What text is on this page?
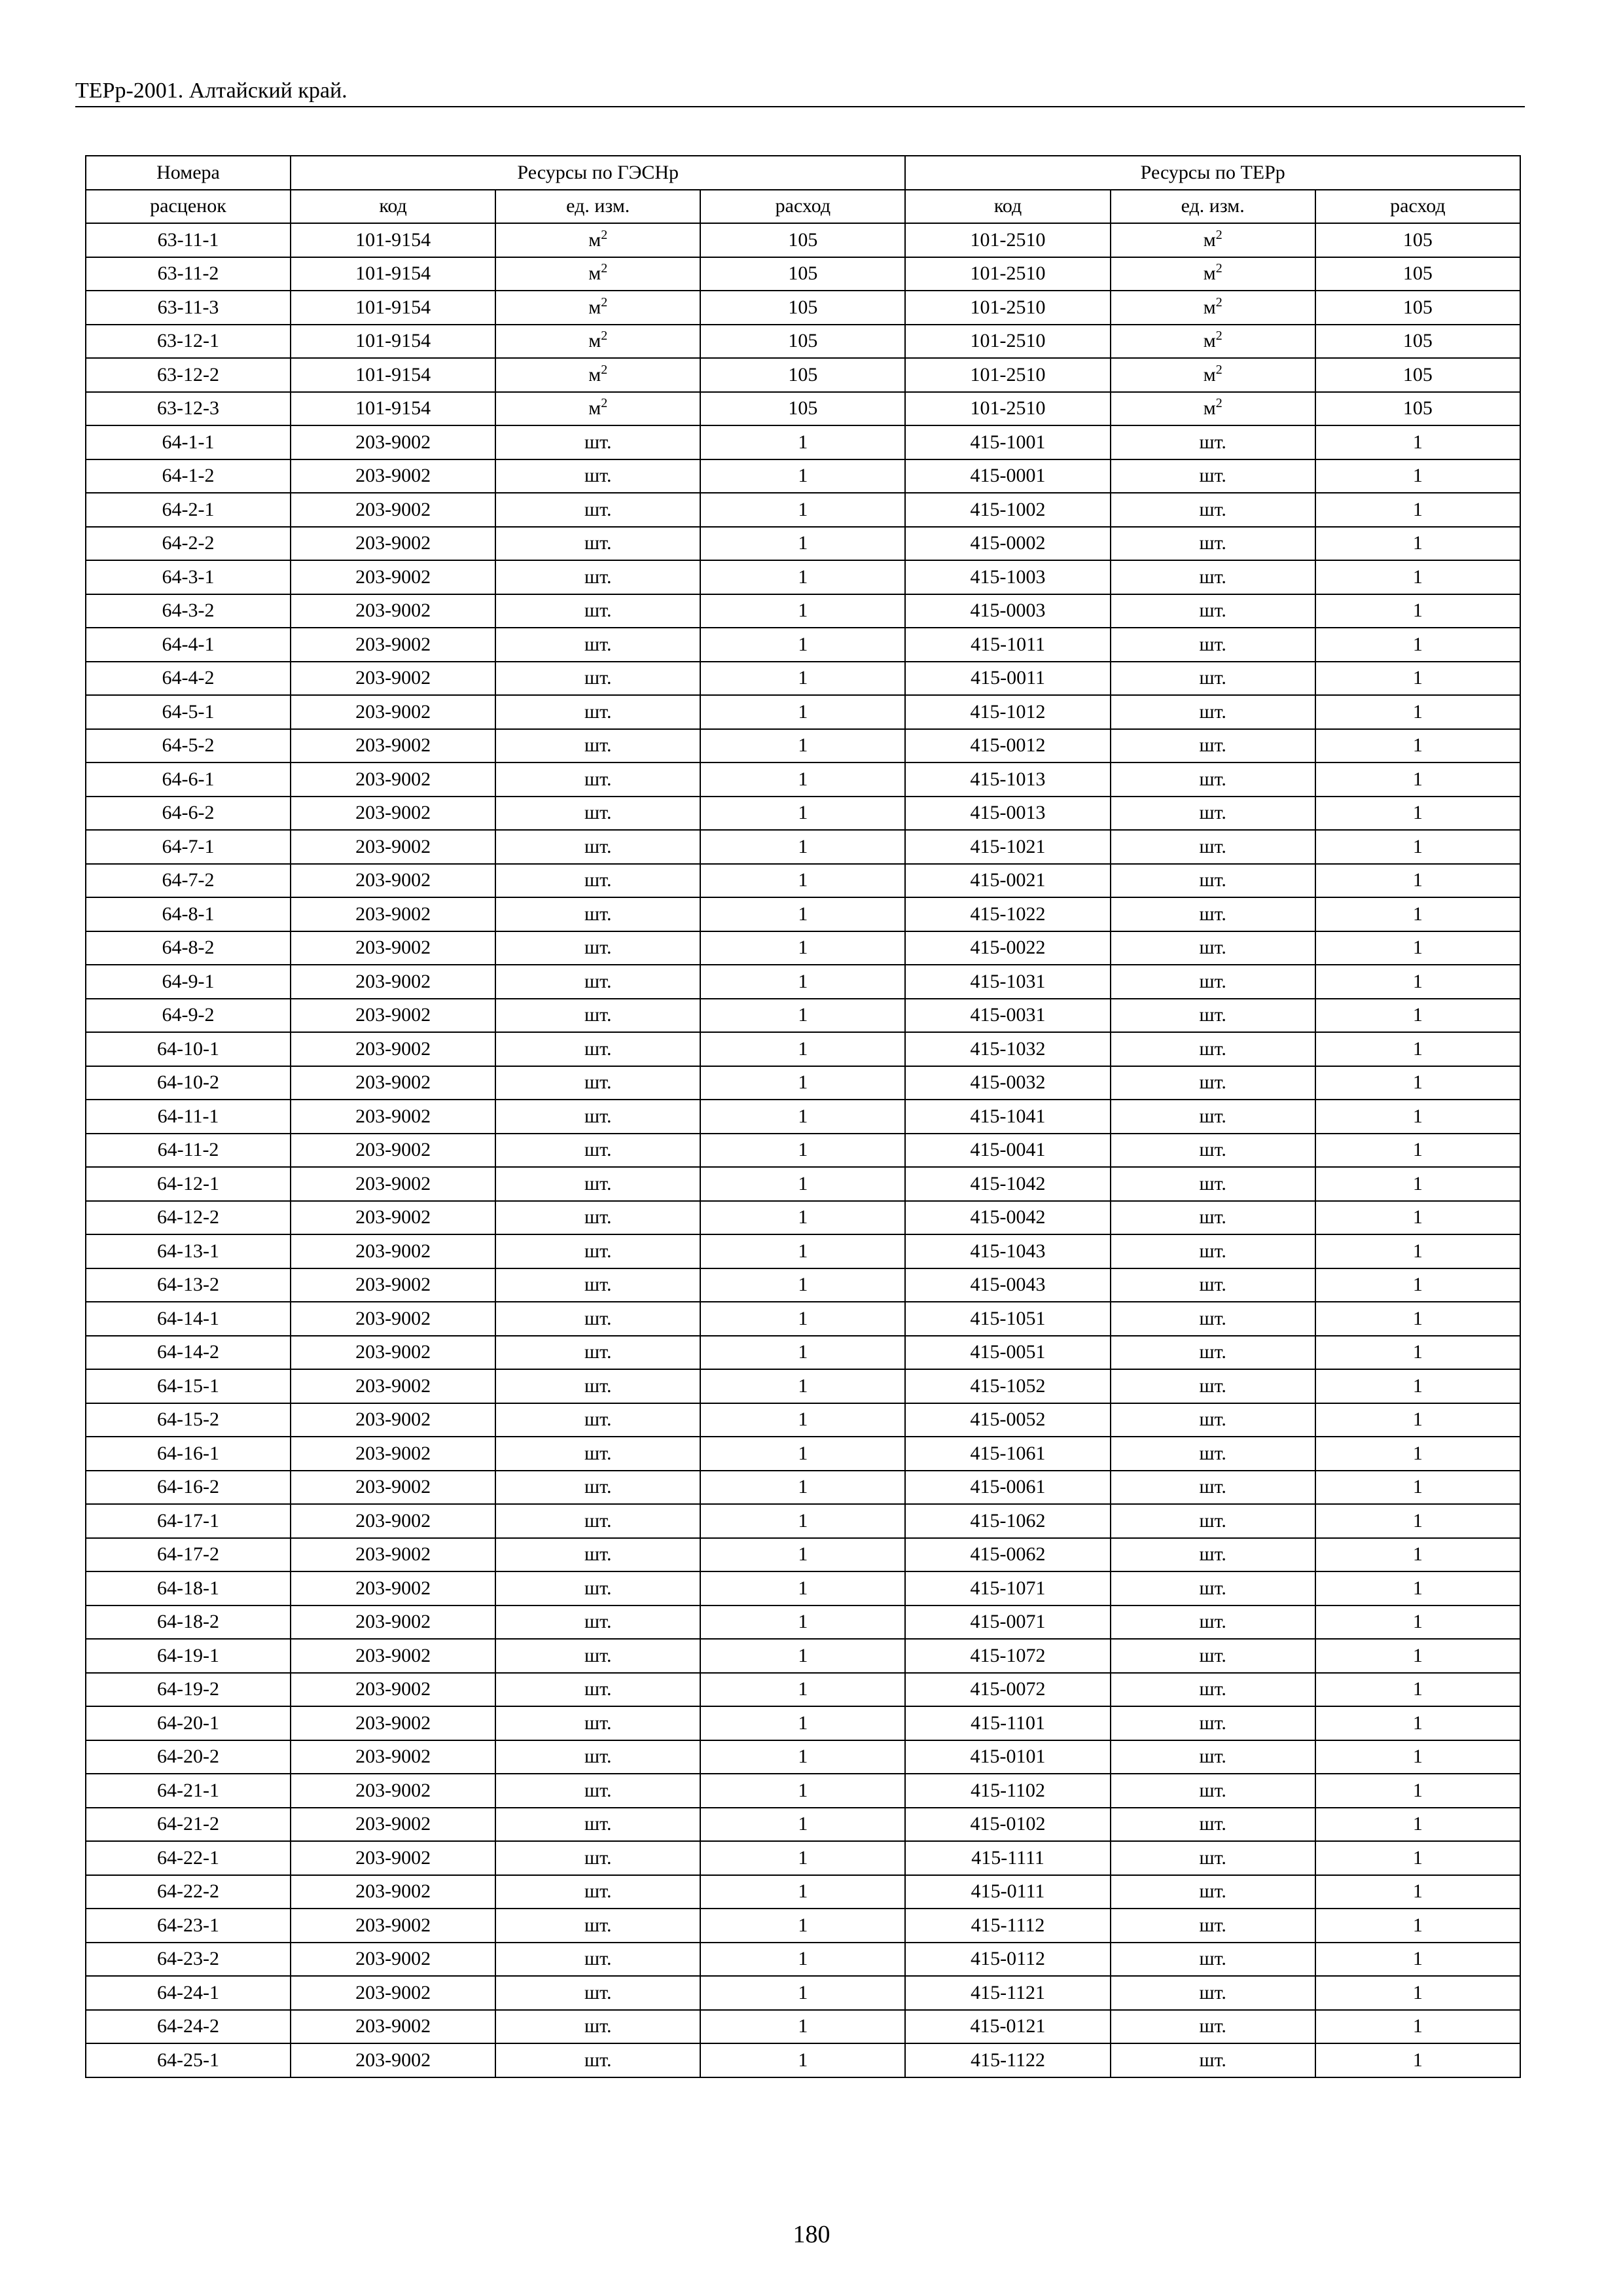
ТЕРр-2001. Алтайский край.
Номера	Ресурсы по ГЭСНр			Ресурсы по ТЕРр		
расценок	код	ед. изм.	расход	код	ед. изм.	расход
63-11-1	101-9154	$м^2$	105	101-2510	$м^2$	105
63-11-2	101-9154	$м^2$	105	101-2510	$м^2$	105
63-11-3	101-9154	$м^2$	105	101-2510	$м^2$	105
63-12-1	101-9154	$м^2$	105	101-2510	$м^2$	105
63-12-2	101-9154	$м^2$	105	101-2510	$м^2$	105
63-12-3	101-9154	$м^2$	105	101-2510	$м^2$	105
64-1-1	203-9002	шт.	1	415-1001	шт.	1
64-1-2	203-9002	шт.	1	415-0001	шт.	1
64-2-1	203-9002	шт.	1	415-1002	шт.	1
64-2-2	203-9002	шт.	1	415-0002	шт.	1
64-3-1	203-9002	шт.	1	415-1003	шт.	1
64-3-2	203-9002	шт.	1	415-0003	шт.	1
64-4-1	203-9002	шт.	1	415-1011	шт.	1
64-4-2	203-9002	шт.	1	415-0011	шт.	1
64-5-1	203-9002	шт.	1	415-1012	шт.	1
64-5-2	203-9002	шт.	1	415-0012	шт.	1
64-6-1	203-9002	шт.	1	415-1013	шт.	1
64-6-2	203-9002	шт.	1	415-0013	шт.	1
64-7-1	203-9002	шт.	1	415-1021	шт.	1
64-7-2	203-9002	шт.	1	415-0021	шт.	1
64-8-1	203-9002	шт.	1	415-1022	шт.	1
64-8-2	203-9002	шт.	1	415-0022	шт.	1
64-9-1	203-9002	шт.	1	415-1031	шт.	1
64-9-2	203-9002	шт.	1	415-0031	шт.	1
64-10-1	203-9002	шт.	1	415-1032	шт.	1
64-10-2	203-9002	шт.	1	415-0032	шт.	1
64-11-1	203-9002	шт.	1	415-1041	шт.	1
64-11-2	203-9002	шт.	1	415-0041	шт.	1
64-12-1	203-9002	шт.	1	415-1042	шт.	1
64-12-2	203-9002	шт.	1	415-0042	шт.	1
64-13-1	203-9002	шт.	1	415-1043	шт.	1
64-13-2	203-9002	шт.	1	415-0043	шт.	1
64-14-1	203-9002	шт.	1	415-1051	шт.	1
64-14-2	203-9002	шт.	1	415-0051	шт.	1
64-15-1	203-9002	шт.	1	415-1052	шт.	1
64-15-2	203-9002	шт.	1	415-0052	шт.	1
64-16-1	203-9002	шт.	1	415-1061	шт.	1
64-16-2	203-9002	шт.	1	415-0061	шт.	1
64-17-1	203-9002	шт.	1	415-1062	шт.	1
64-17-2	203-9002	шт.	1	415-0062	шт.	1
64-18-1	203-9002	шт.	1	415-1071	шт.	1
64-18-2	203-9002	шт.	1	415-0071	шт.	1
64-19-1	203-9002	шт.	1	415-1072	шт.	1
64-19-2	203-9002	шт.	1	415-0072	шт.	1
64-20-1	203-9002	шт.	1	415-1101	шт.	1
64-20-2	203-9002	шт.	1	415-0101	шт.	1
64-21-1	203-9002	шт.	1	415-1102	шт.	1
64-21-2	203-9002	шт.	1	415-0102	шт.	1
64-22-1	203-9002	шт.	1	415-1111	шт.	1
64-22-2	203-9002	шт.	1	415-0111	шт.	1
64-23-1	203-9002	шт.	1	415-1112	шт.	1
64-23-2	203-9002	шт.	1	415-0112	шт.	1
64-24-1	203-9002	шт.	1	415-1121	шт.	1
64-24-2	203-9002	шт.	1	415-0121	шт.	1
64-25-1	203-9002	шт.	1	415-1122	шт.	1
180
